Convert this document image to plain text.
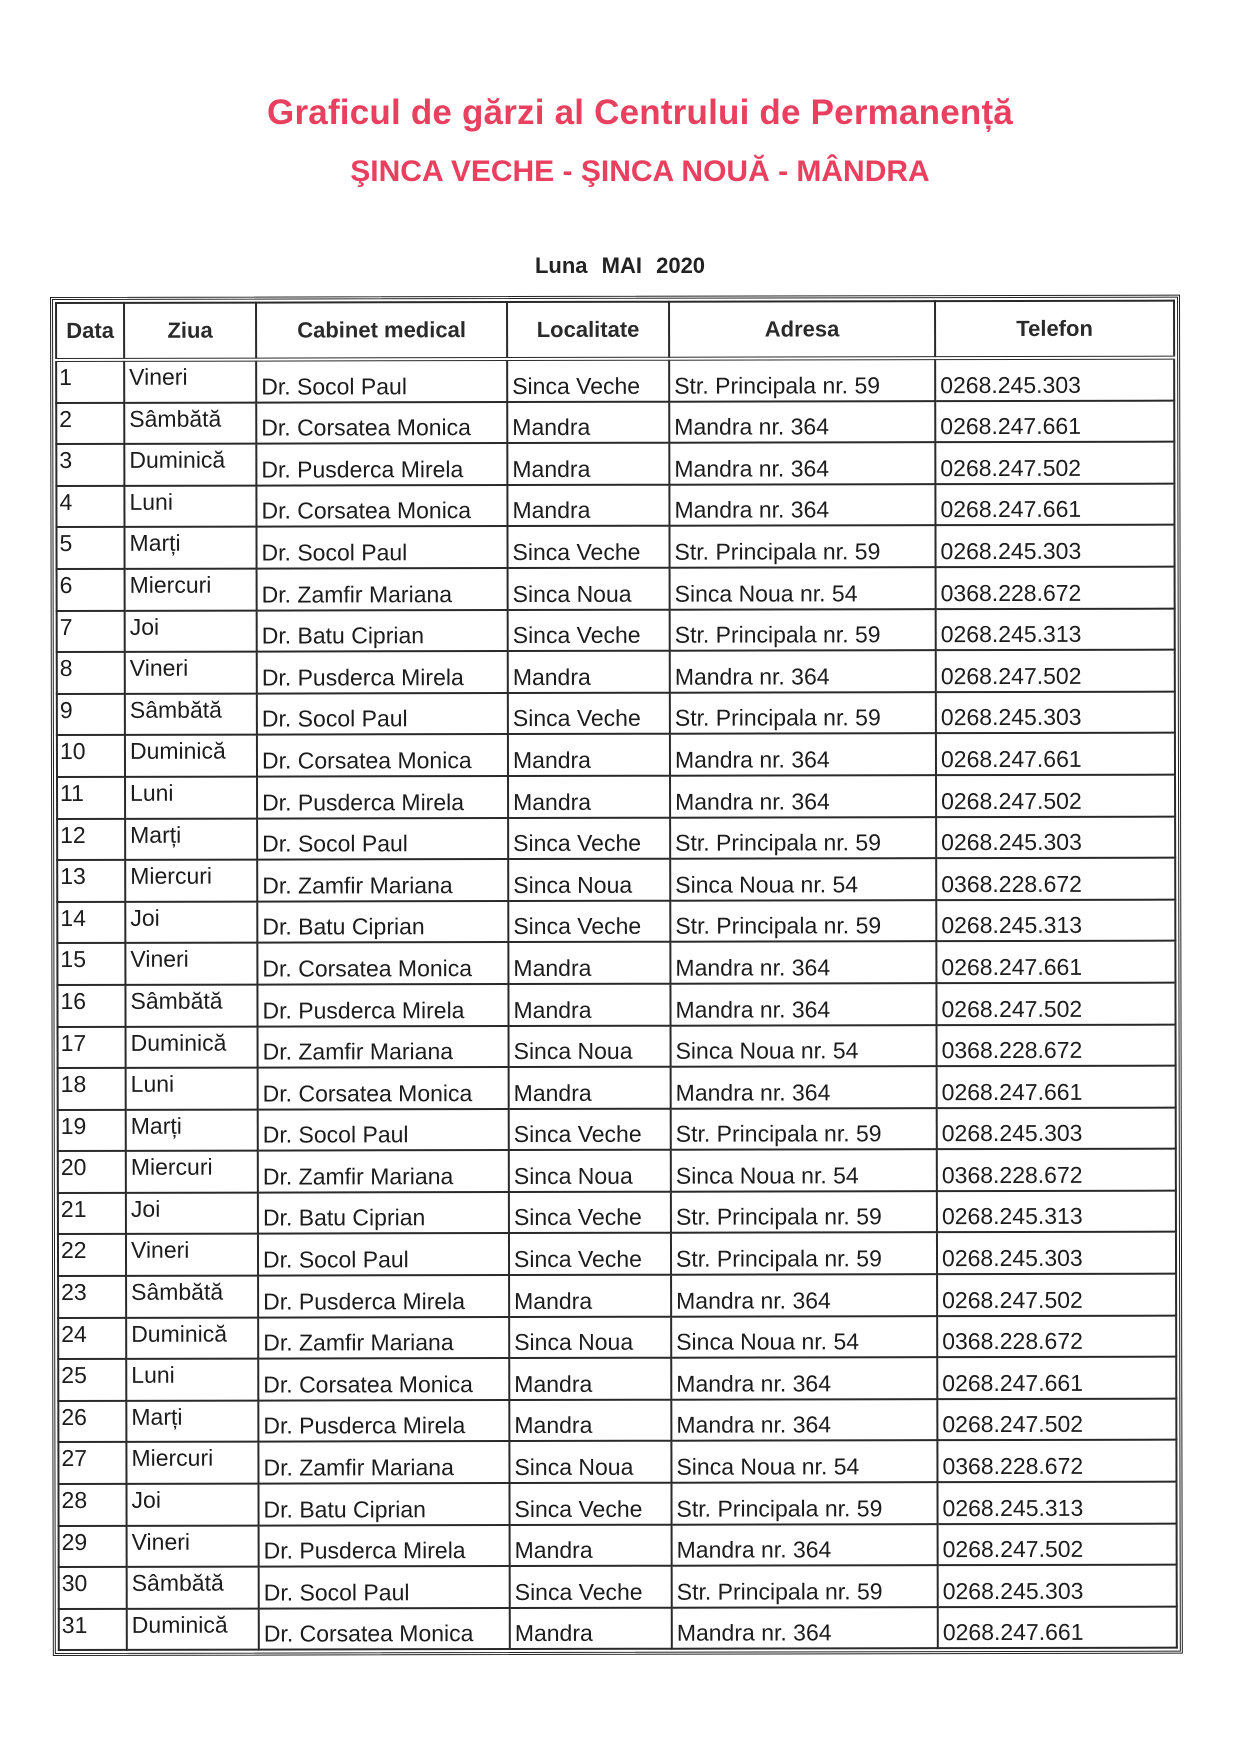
Graficul de gărzi al Centrului de Permanență
ŞINCA VECHE - ŞINCA NOUĂ - MÂNDRA
Luna MAI 2020
Data	Ziua	Cabinet medical	Localitate	Adresa	Telefon
1	Vineri	Dr. Socol Paul	Sinca Veche	Str. Principala nr. 59	0268.245.303
2	Sâmbătă	Dr. Corsatea Monica	Mandra	Mandra nr. 364	0268.247.661
3	Duminică	Dr. Pusderca Mirela	Mandra	Mandra nr. 364	0268.247.502
4	Luni	Dr. Corsatea Monica	Mandra	Mandra nr. 364	0268.247.661
5	Marți	Dr. Socol Paul	Sinca Veche	Str. Principala nr. 59	0268.245.303
6	Miercuri	Dr. Zamfir Mariana	Sinca Noua	Sinca Noua nr. 54	0368.228.672
7	Joi	Dr. Batu Ciprian	Sinca Veche	Str. Principala nr. 59	0268.245.313
8	Vineri	Dr. Pusderca Mirela	Mandra	Mandra nr. 364	0268.247.502
9	Sâmbătă	Dr. Socol Paul	Sinca Veche	Str. Principala nr. 59	0268.245.303
10	Duminică	Dr. Corsatea Monica	Mandra	Mandra nr. 364	0268.247.661
11	Luni	Dr. Pusderca Mirela	Mandra	Mandra nr. 364	0268.247.502
12	Marți	Dr. Socol Paul	Sinca Veche	Str. Principala nr. 59	0268.245.303
13	Miercuri	Dr. Zamfir Mariana	Sinca Noua	Sinca Noua nr. 54	0368.228.672
14	Joi	Dr. Batu Ciprian	Sinca Veche	Str. Principala nr. 59	0268.245.313
15	Vineri	Dr. Corsatea Monica	Mandra	Mandra nr. 364	0268.247.661
16	Sâmbătă	Dr. Pusderca Mirela	Mandra	Mandra nr. 364	0268.247.502
17	Duminică	Dr. Zamfir Mariana	Sinca Noua	Sinca Noua nr. 54	0368.228.672
18	Luni	Dr. Corsatea Monica	Mandra	Mandra nr. 364	0268.247.661
19	Marți	Dr. Socol Paul	Sinca Veche	Str. Principala nr. 59	0268.245.303
20	Miercuri	Dr. Zamfir Mariana	Sinca Noua	Sinca Noua nr. 54	0368.228.672
21	Joi	Dr. Batu Ciprian	Sinca Veche	Str. Principala nr. 59	0268.245.313
22	Vineri	Dr. Socol Paul	Sinca Veche	Str. Principala nr. 59	0268.245.303
23	Sâmbătă	Dr. Pusderca Mirela	Mandra	Mandra nr. 364	0268.247.502
24	Duminică	Dr. Zamfir Mariana	Sinca Noua	Sinca Noua nr. 54	0368.228.672
25	Luni	Dr. Corsatea Monica	Mandra	Mandra nr. 364	0268.247.661
26	Marți	Dr. Pusderca Mirela	Mandra	Mandra nr. 364	0268.247.502
27	Miercuri	Dr. Zamfir Mariana	Sinca Noua	Sinca Noua nr. 54	0368.228.672
28	Joi	Dr. Batu Ciprian	Sinca Veche	Str. Principala nr. 59	0268.245.313
29	Vineri	Dr. Pusderca Mirela	Mandra	Mandra nr. 364	0268.247.502
30	Sâmbătă	Dr. Socol Paul	Sinca Veche	Str. Principala nr. 59	0268.245.303
31	Duminică	Dr. Corsatea Monica	Mandra	Mandra nr. 364	0268.247.661
